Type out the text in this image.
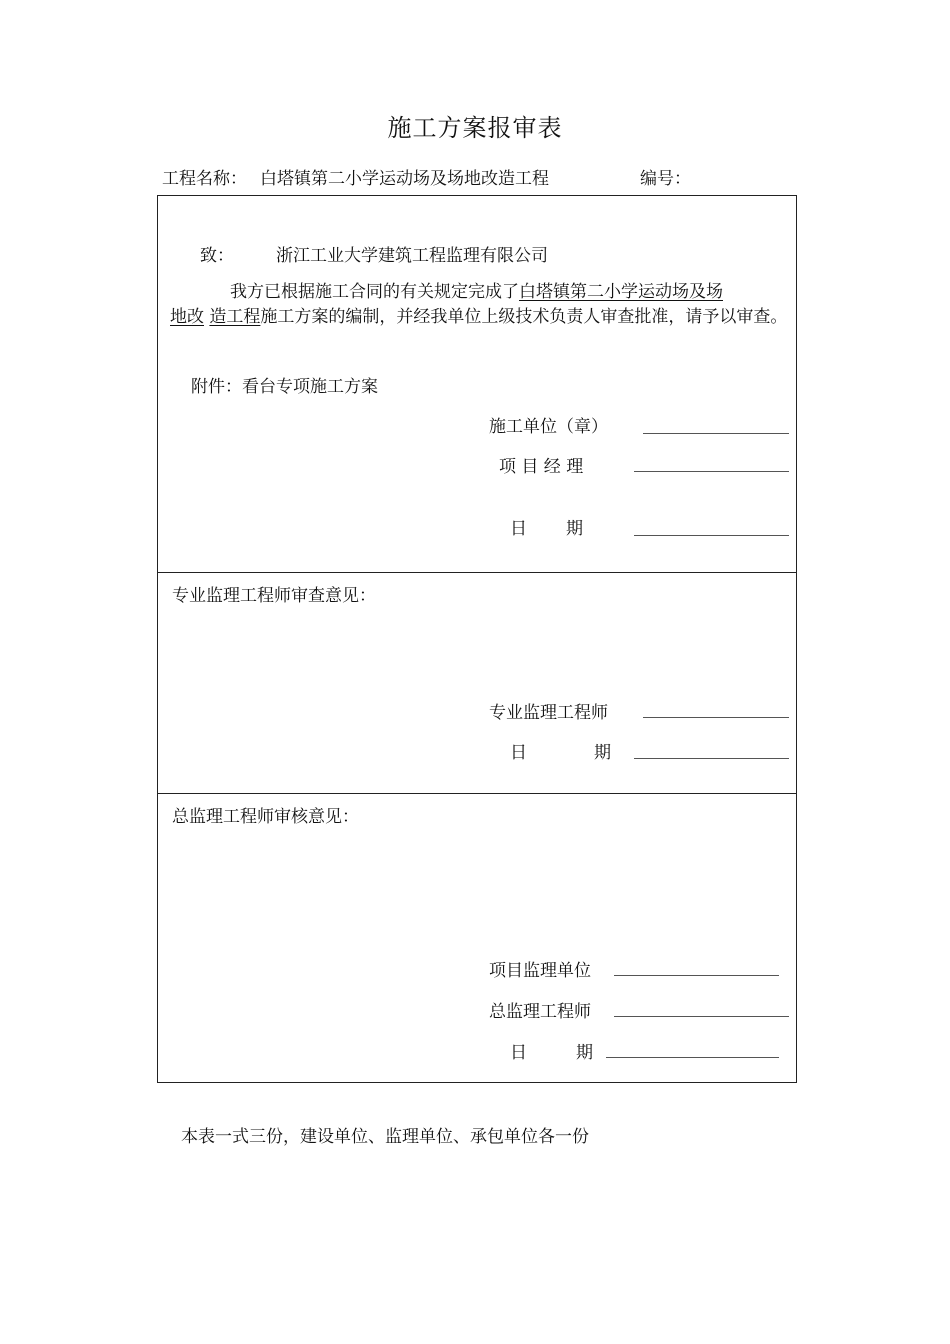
施工方案报审表
工程名称： 白塔镇第二小学运动场及场地改造工程	编号：
致： 浙江工业大学建筑工程监理有限公司
我方已根据施工合同的有关规定完成了白塔镇第二小学运动场及场
地改 造工程施工方案的编制，并经我单位上级技术负责人审查批准，请予以审查。
附件：看台专项施工方案
施工单位（章）
项 目 经 理
日 期
专业监理工程师审查意见：
专业监理工程师
日	期
总监理工程师审核意见：
项目监理单位
总监理工程师
日	期
本表一式三份，建设单位、监理单位、承包单位各一份
